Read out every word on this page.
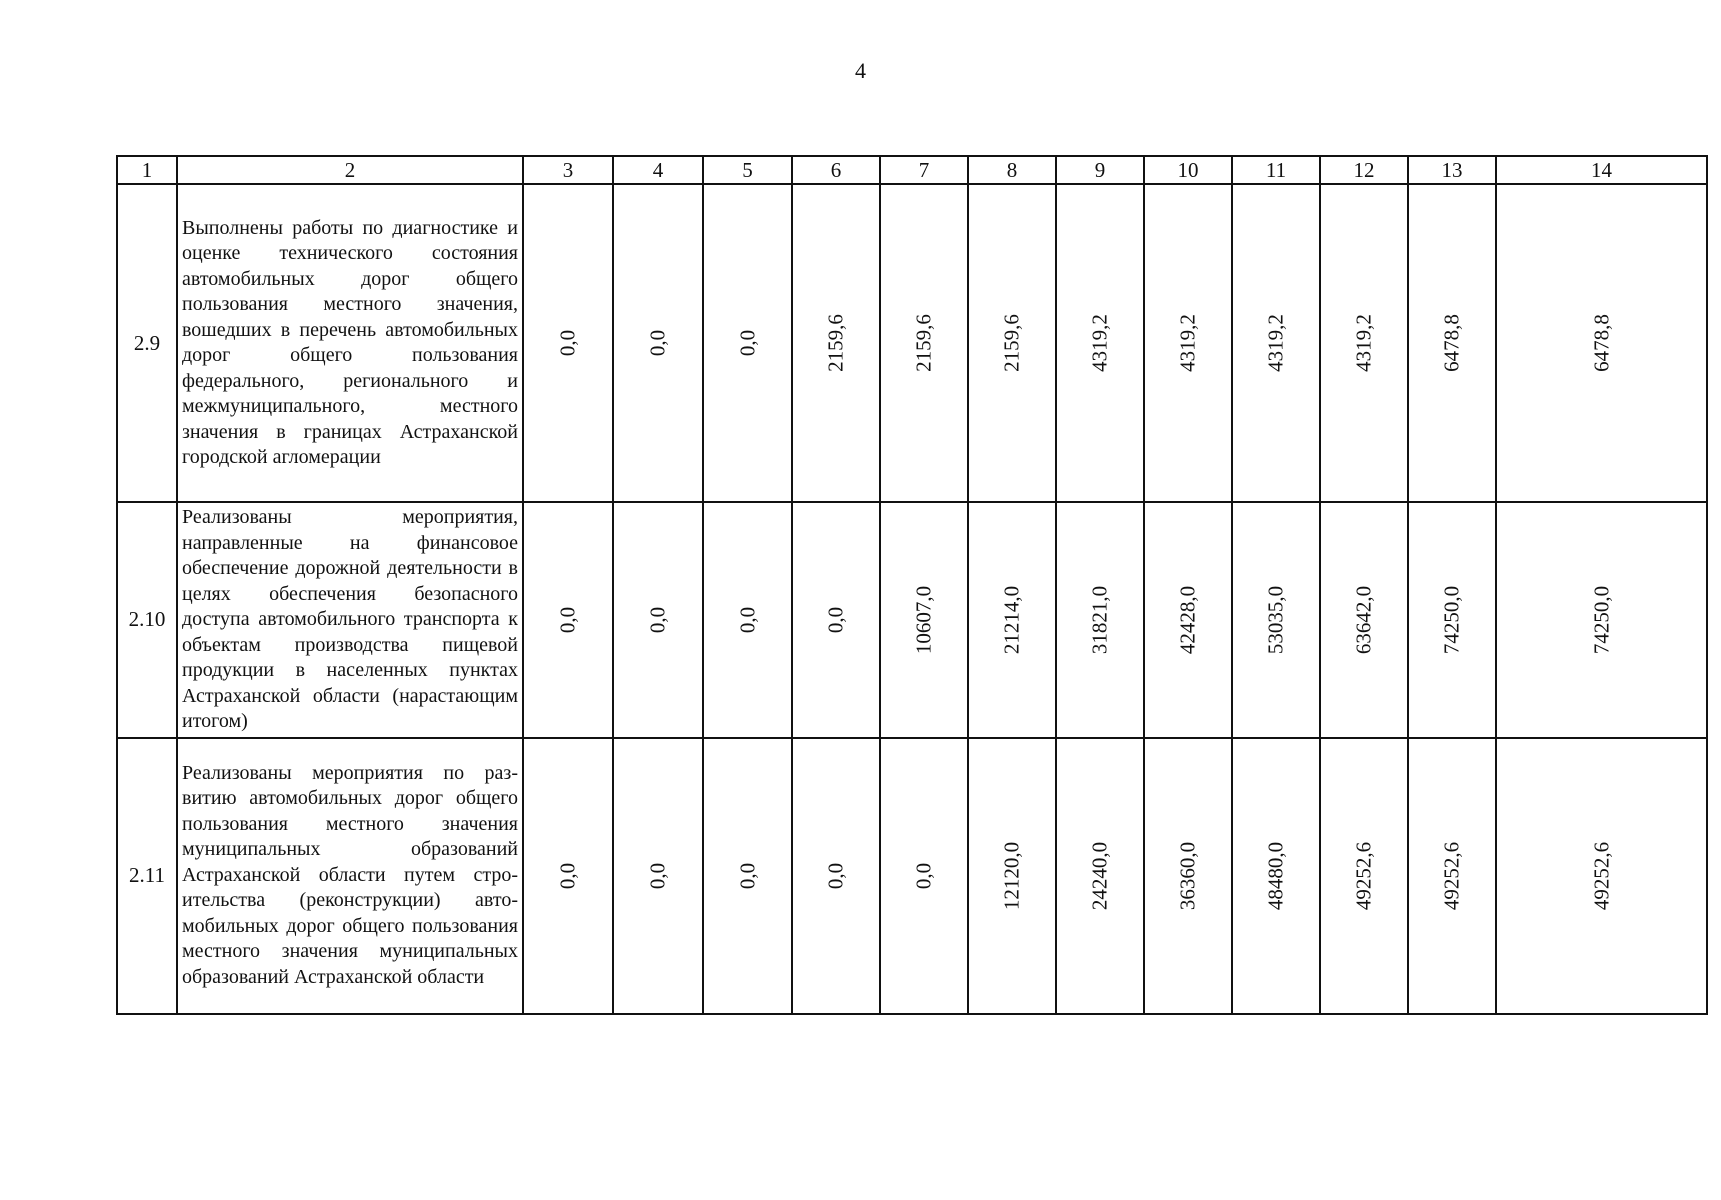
4
1	2	3	4	5	6	7	8	9	10	11	12	13	14
2.9	Выполнены работы по диагностике и оценке технического состояния автомобильных дорог общего пользования местного значения, вошедших в перечень автомобильных дорог общего пользования федерального, регионального и межмуниципального, местного значения в границах Астраханской городской агломерации	0,0	0,0	0,0	2159,6	2159,6	2159,6	4319,2	4319,2	4319,2	4319,2	6478,8	6478,8

2.10	Реализованы мероприятия, направленные на финансовое обеспечение дорожной деятельности в целях обеспечения безопасного доступа автомобильного транспорта к объектам производства пищевой продукции в населенных пунктах Астраханской области (нарастающим итогом)	0,0	0,0	0,0	0,0	10607,0	21214,0	31821,0	42428,0	53035,0	63642,0	74250,0	74250,0

2.11	Реализованы мероприятия по развитию автомобильных дорог общего пользования местного значения муниципальных образований Астраханской области путем строительства (реконструкции) автомобильных дорог общего пользования местного значения муниципальных образований Астраханской области	0,0	0,0	0,0	0,0	0,0	12120,0	24240,0	36360,0	48480,0	49252,6	49252,6	49252,6
